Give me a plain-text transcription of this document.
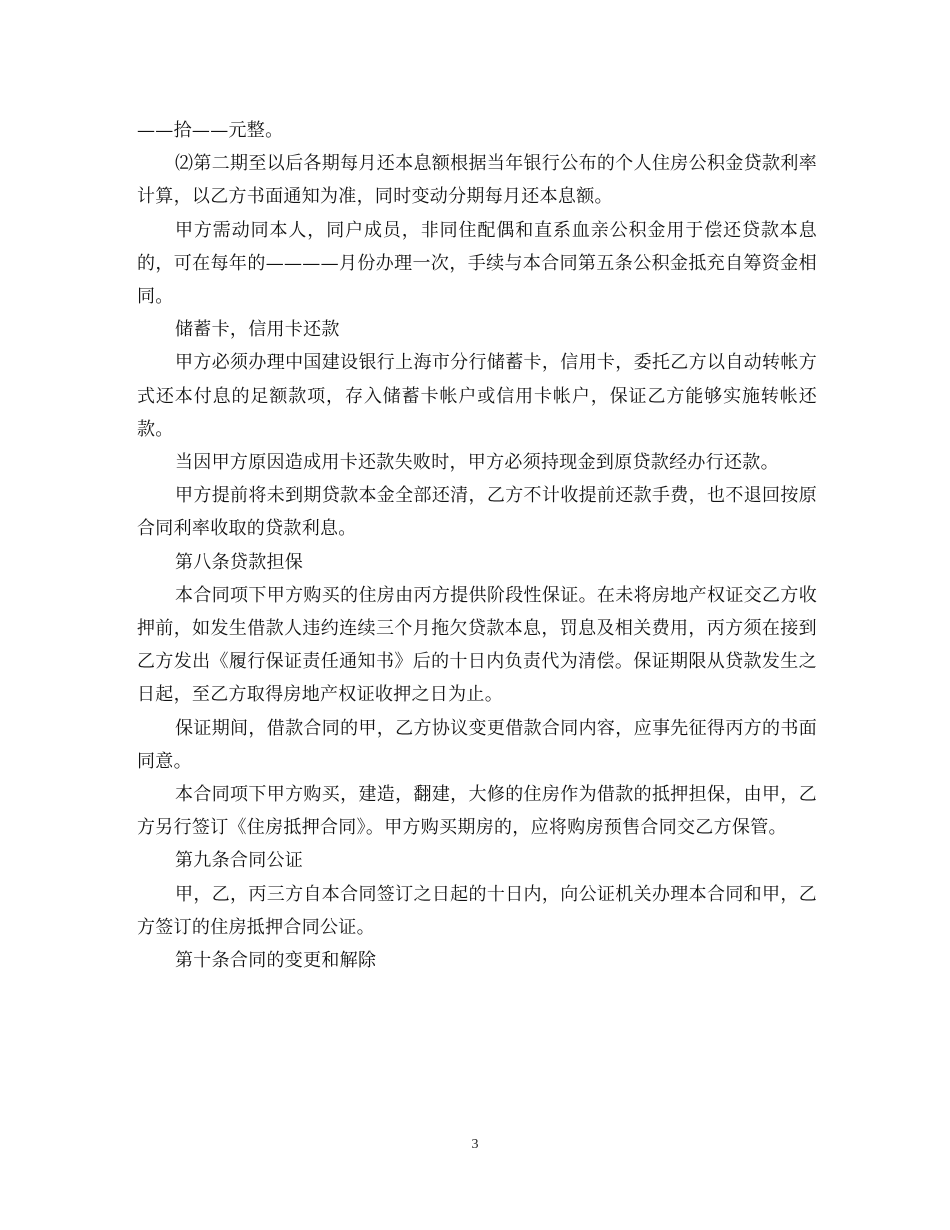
——拾——元整。

⑵第二期至以后各期每月还本息额根据当年银行公布的个人住房公积金贷款利率计算，以乙方书面通知为准，同时变动分期每月还本息额。

甲方需动同本人，同户成员，非同住配偶和直系血亲公积金用于偿还贷款本息的，可在每年的————月份办理一次，手续与本合同第五条公积金抵充自筹资金相同。

储蓄卡，信用卡还款

甲方必须办理中国建设银行上海市分行储蓄卡，信用卡，委托乙方以自动转帐方式还本付息的足额款项，存入储蓄卡帐户或信用卡帐户，保证乙方能够实施转帐还款。

当因甲方原因造成用卡还款失败时，甲方必须持现金到原贷款经办行还款。

甲方提前将未到期贷款本金全部还清，乙方不计收提前还款手费，也不退回按原合同利率收取的贷款利息。

第八条贷款担保

本合同项下甲方购买的住房由丙方提供阶段性保证。在未将房地产权证交乙方收押前，如发生借款人违约连续三个月拖欠贷款本息，罚息及相关费用，丙方须在接到乙方发出《履行保证责任通知书》后的十日内负责代为清偿。保证期限从贷款发生之日起，至乙方取得房地产权证收押之日为止。

保证期间，借款合同的甲，乙方协议变更借款合同内容，应事先征得丙方的书面同意。

本合同项下甲方购买，建造，翻建，大修的住房作为借款的抵押担保，由甲，乙方另行签订《住房抵押合同》。甲方购买期房的，应将购房预售合同交乙方保管。

第九条合同公证

甲，乙，丙三方自本合同签订之日起的十日内，向公证机关办理本合同和甲，乙方签订的住房抵押合同公证。

第十条合同的变更和解除

3
